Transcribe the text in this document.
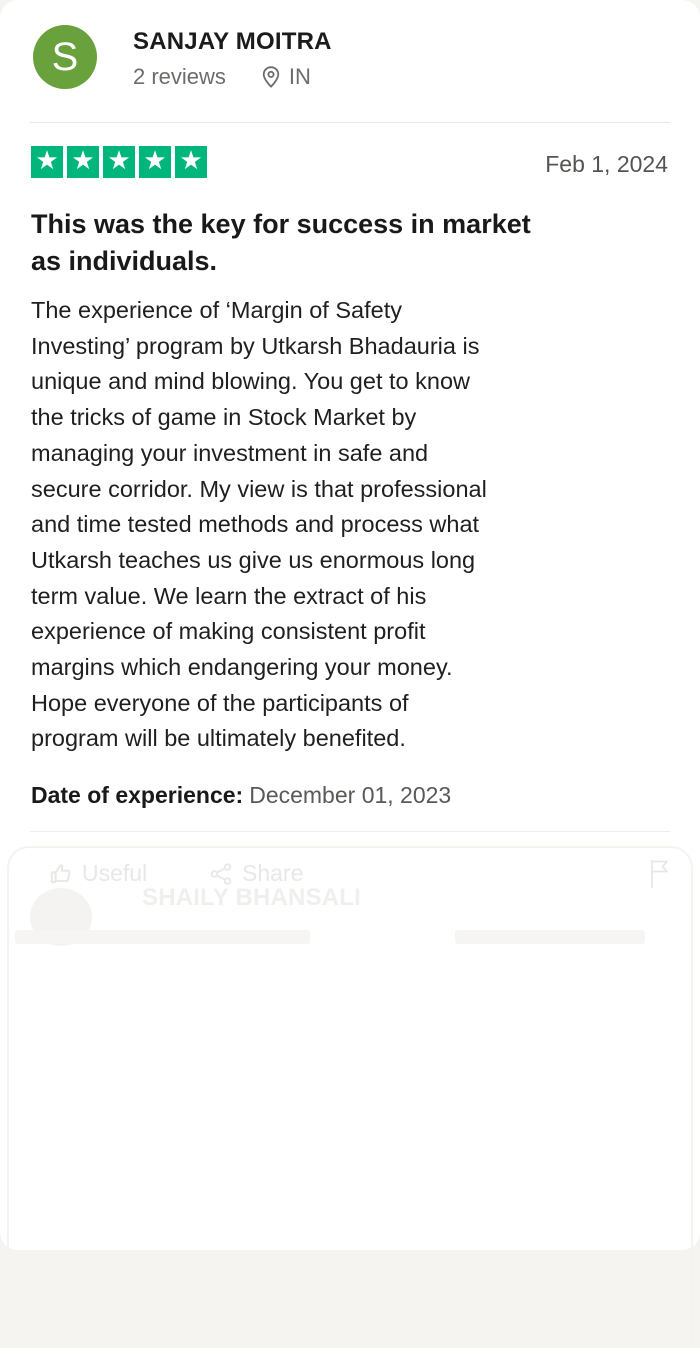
S SANJAY MOITRA
2 reviews	IN
★ ★ ★ ★ ★	Feb 1, 2024
This was the key for success in market
as individuals.
The experience of ‘Margin of Safety
Investing’ program by Utkarsh Bhadauria is
unique and mind blowing. You get to know
the tricks of game in Stock Market by
managing your investment in safe and
secure corridor. My view is that professional
and time tested methods and process what
Utkarsh teaches us give us enormous long
term value. We learn the extract of his
experience of making consistent profit
margins which endangering your money.
Hope everyone of the participants of
program will be ultimately benefited.
Date of experience: December 01, 2023
Useful	Share
SHAILY BHANSALI
